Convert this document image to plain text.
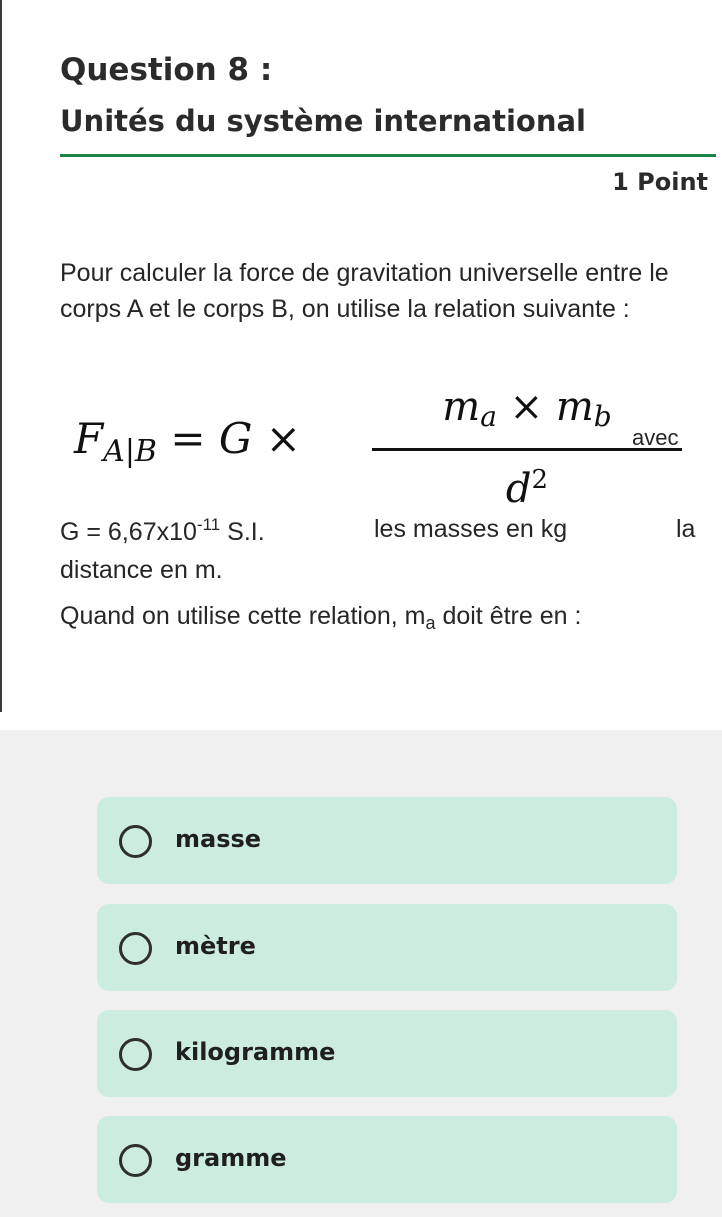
Question 8 :
Unités du système international
1 Point
Pour calculer la force de gravitation universelle entre le corps A et le corps B, on utilise la relation suivante :
$F_{A|B} = G$ ×
$m_a \times m_b$
$d^2$
avec
$G = 6,67x10^{-11}$ S.I.	les masses en kg	la
distance en m.
Quand on utilise cette relation, $m_a$ doit être en :
masse
mètre
kilogramme
gramme
